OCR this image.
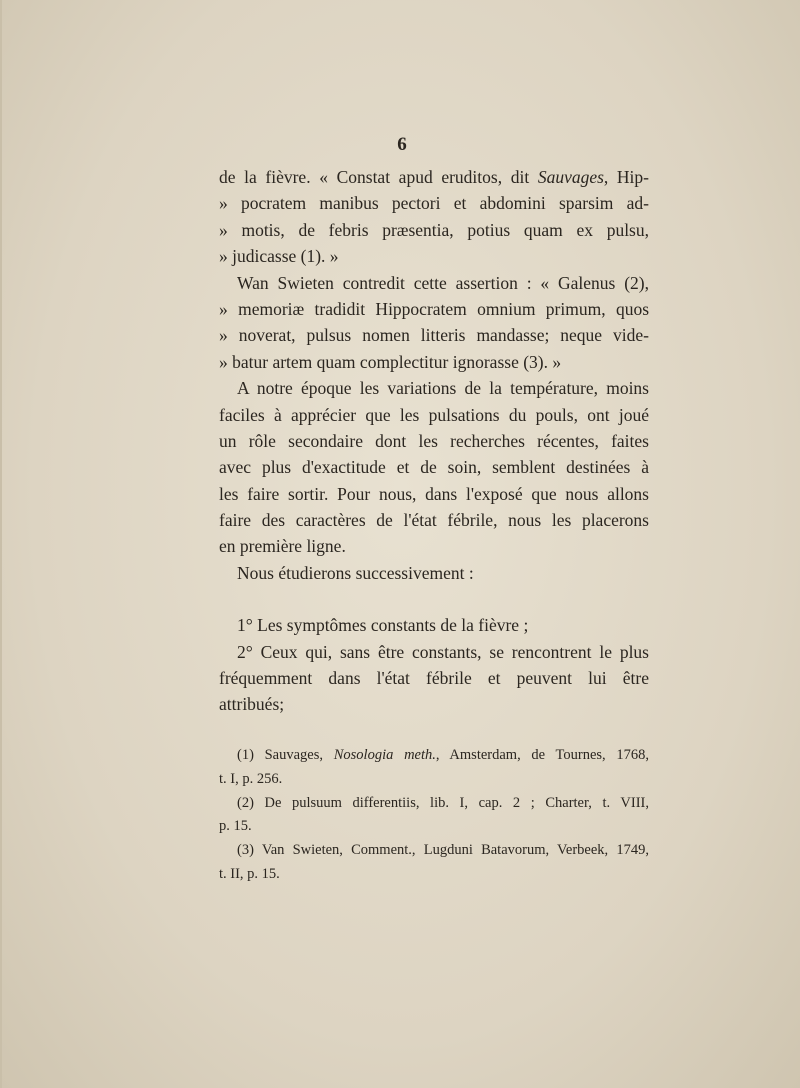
6
de la fièvre. « Constat apud eruditos, dit Sauvages, Hip-
» pocratem manibus pectori et abdomini sparsim ad-
» motis, de febris præsentia, potius quam ex pulsu,
» judicasse (1). »
Wan Swieten contredit cette assertion : « Galenus (2),
» memoriæ tradidit Hippocratem omnium primum, quos
» noverat, pulsus nomen litteris mandasse; neque vide-
» batur artem quam complectitur ignorasse (3). »
A notre époque les variations de la température, moins
faciles à apprécier que les pulsations du pouls, ont joué
un rôle secondaire dont les recherches récentes, faites
avec plus d'exactitude et de soin, semblent destinées à
les faire sortir. Pour nous, dans l'exposé que nous allons
faire des caractères de l'état fébrile, nous les placerons
en première ligne.
Nous étudierons successivement :
1° Les symptômes constants de la fièvre ;
2° Ceux qui, sans être constants, se rencontrent le plus
fréquemment dans l'état fébrile et peuvent lui être
attribués;
(1) Sauvages, Nosologia meth., Amsterdam, de Tournes, 1768,
t. I, p. 256.
(2) De pulsuum differentiis, lib. I, cap. 2 ; Charter, t. VIII,
p. 15.
(3) Van Swieten, Comment., Lugduni Batavorum, Verbeek, 1749,
t. II, p. 15.
